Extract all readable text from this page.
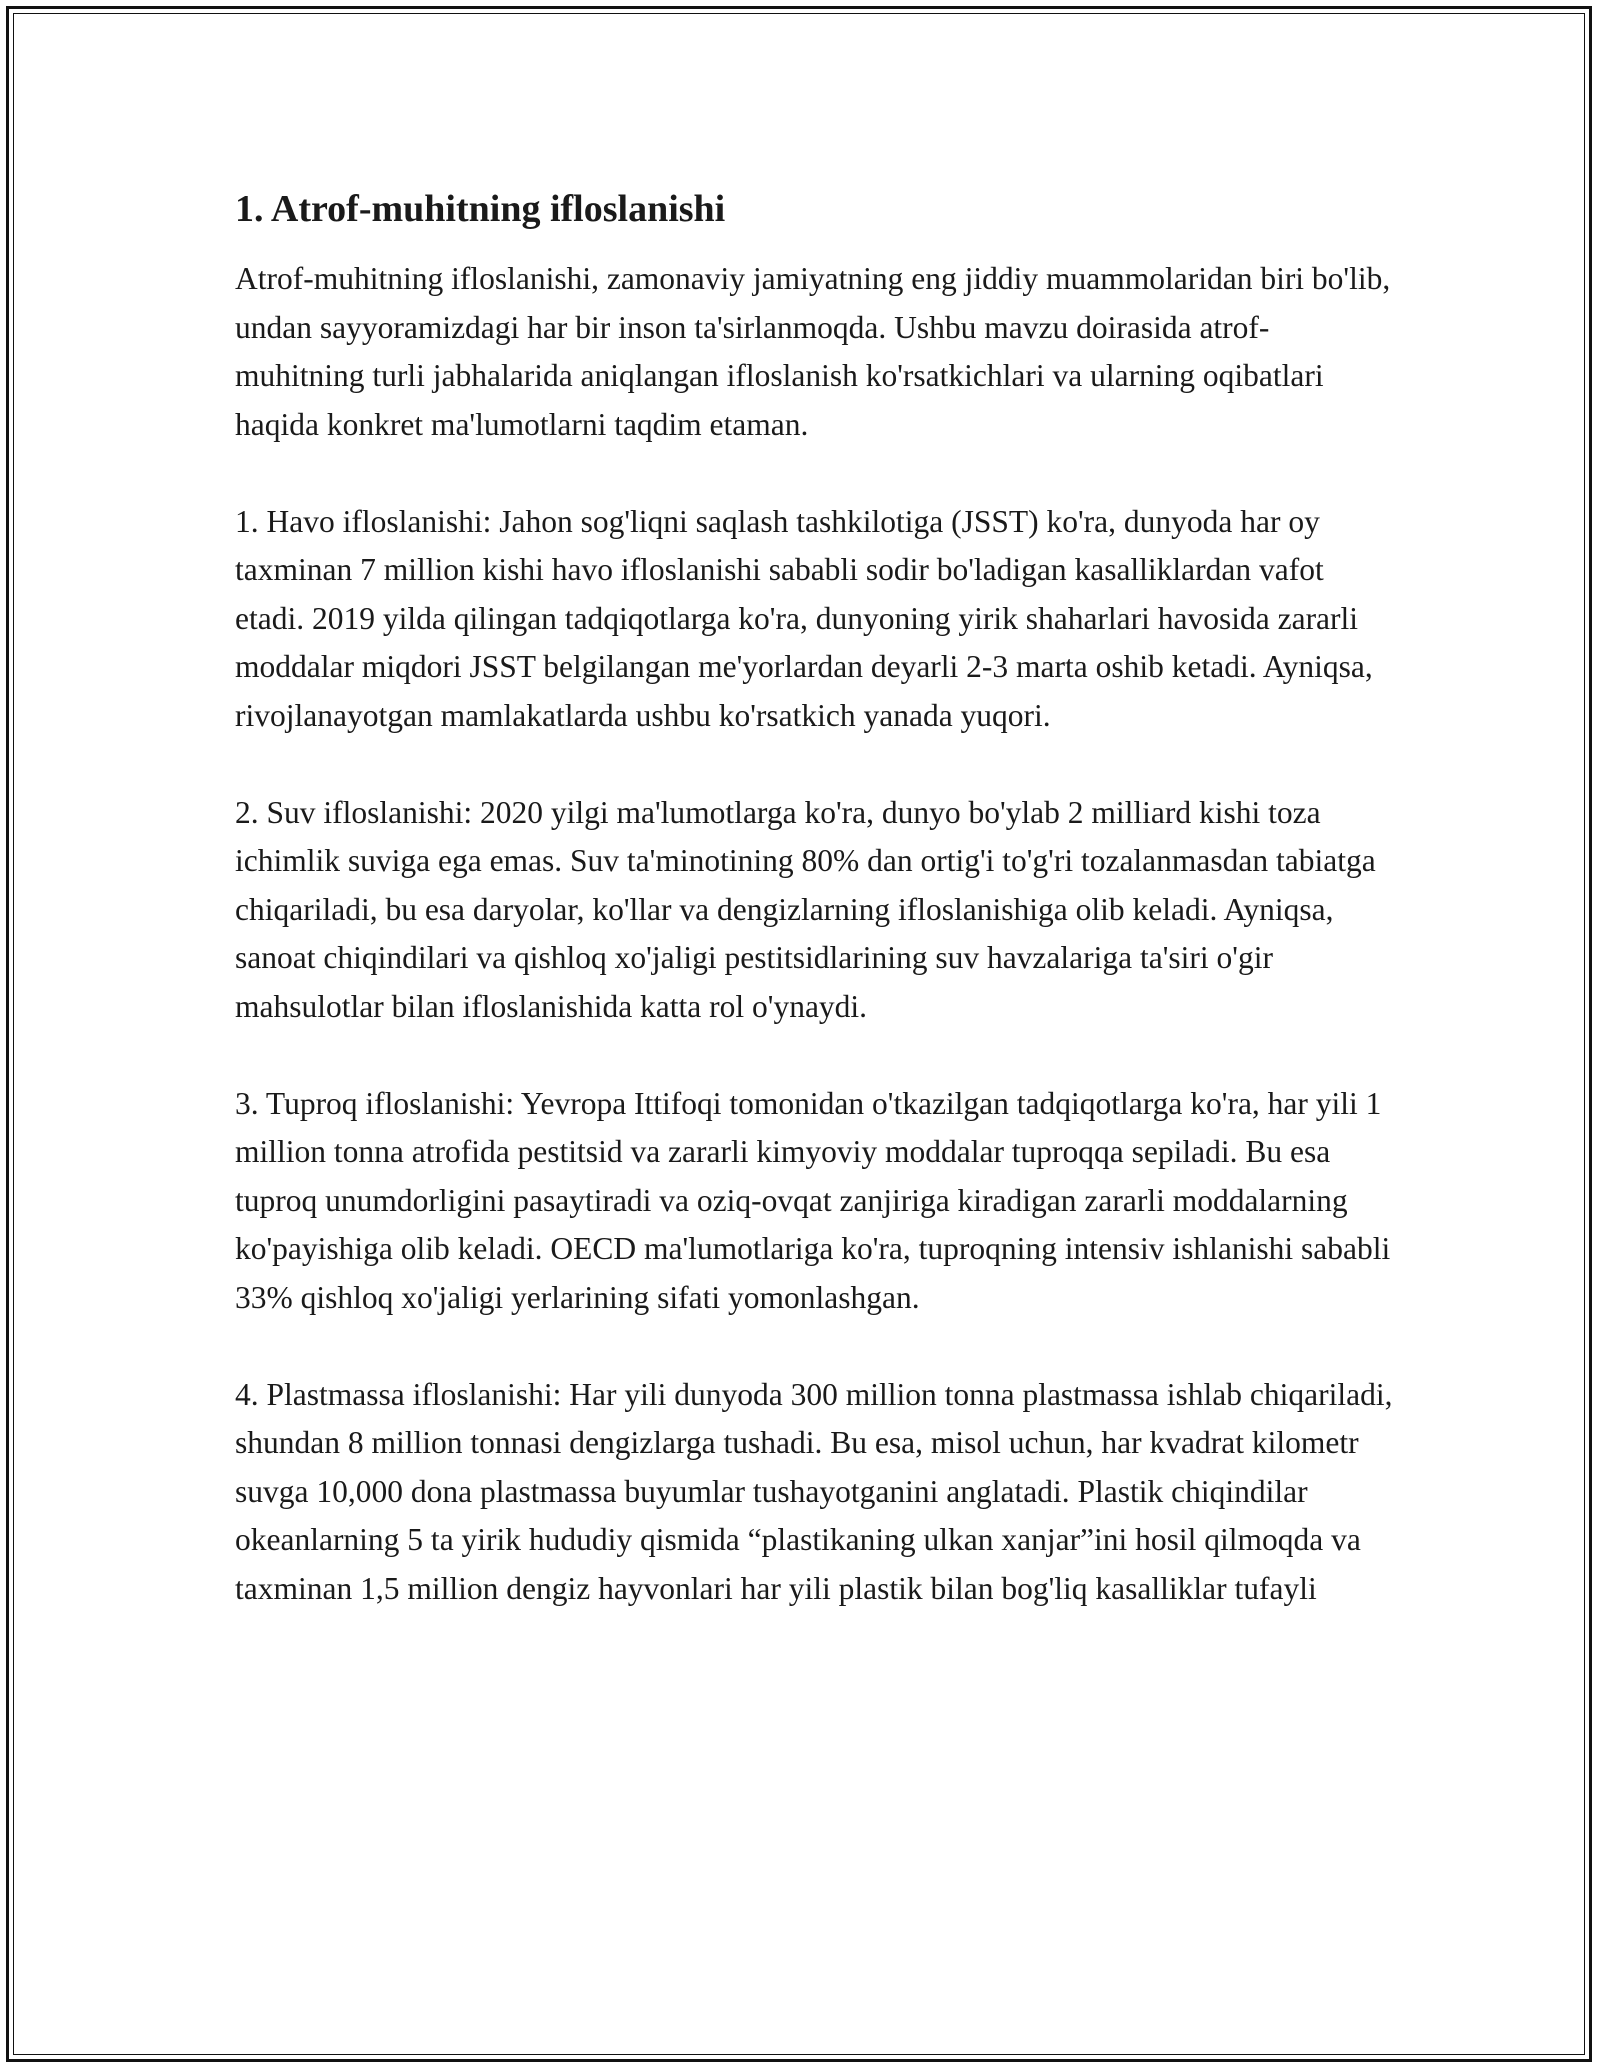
1. Atrof-muhitning ifloslanishi

Atrof-muhitning ifloslanishi, zamonaviy jamiyatning eng jiddiy muammolaridan biri bo'lib, undan sayyoramizdagi har bir inson ta'sirlanmoqda. Ushbu mavzu doirasida atrof-muhitning turli jabhalarida aniqlangan ifloslanish ko'rsatkichlari va ularning oqibatlari haqida konkret ma'lumotlarni taqdim etaman.

1. Havo ifloslanishi: Jahon sog'liqni saqlash tashkilotiga (JSST) ko'ra, dunyoda har oy taxminan 7 million kishi havo ifloslanishi sababli sodir bo'ladigan kasalliklardan vafot etadi. 2019 yilda qilingan tadqiqotlarga ko'ra, dunyoning yirik shaharlari havosida zararli moddalar miqdori JSST belgilangan me'yorlardan deyarli 2-3 marta oshib ketadi. Ayniqsa, rivojlanayotgan mamlakatlarda ushbu ko'rsatkich yanada yuqori.

2. Suv ifloslanishi: 2020 yilgi ma'lumotlarga ko'ra, dunyo bo'ylab 2 milliard kishi toza ichimlik suviga ega emas. Suv ta'minotining 80% dan ortig'i to'g'ri tozalanmasdan tabiatga chiqariladi, bu esa daryolar, ko'llar va dengizlarning ifloslanishiga olib keladi. Ayniqsa, sanoat chiqindilari va qishloq xo'jaligi pestitsidlarining suv havzalariga ta'siri o'gir mahsulotlar bilan ifloslanishida katta rol o'ynaydi.

3. Tuproq ifloslanishi: Yevropa Ittifoqi tomonidan o'tkazilgan tadqiqotlarga ko'ra, har yili 1 million tonna atrofida pestitsid va zararli kimyoviy moddalar tuproqqa sepiladi. Bu esa tuproq unumdorligini pasaytiradi va oziq-ovqat zanjiriga kiradigan zararli moddalarning ko'payishiga olib keladi. OECD ma'lumotlariga ko'ra, tuproqning intensiv ishlanishi sababli 33% qishloq xo'jaligi yerlarining sifati yomonlashgan.

4. Plastmassa ifloslanishi: Har yili dunyoda 300 million tonna plastmassa ishlab chiqariladi, shundan 8 million tonnasi dengizlarga tushadi. Bu esa, misol uchun, har kvadrat kilometr suvga 10,000 dona plastmassa buyumlar tushayotganini anglatadi. Plastik chiqindilar okeanlarning 5 ta yirik hududiy qismida “plastikaning ulkan xanjar”ini hosil qilmoqda va taxminan 1,5 million dengiz hayvonlari har yili plastik bilan bog'liq kasalliklar tufayli
